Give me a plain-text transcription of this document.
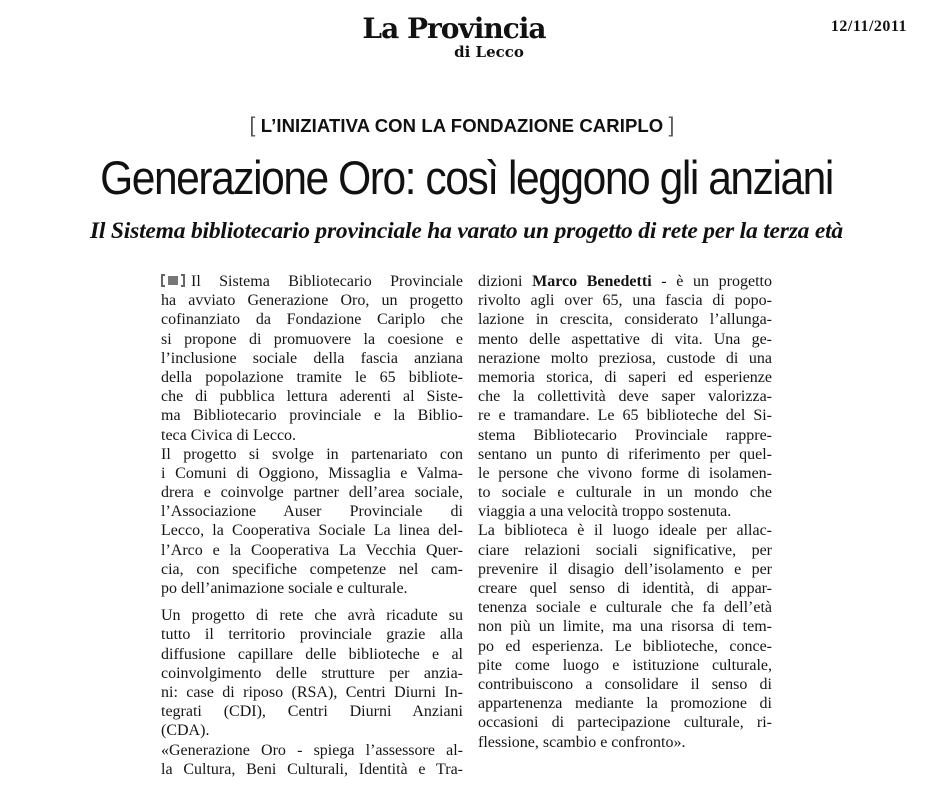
La Provincia
di Lecco
12/11/2011
[ L’INIZIATIVA CON LA FONDAZIONE CARIPLO ]
Generazione Oro: così leggono gli anziani
Il Sistema bibliotecario provinciale ha varato un progetto di rete per la terza età
Il Sistema Bibliotecario Provinciale
ha avviato Generazione Oro, un progetto
cofinanziato da Fondazione Cariplo che
si propone di promuovere la coesione e
l’inclusione sociale della fascia anziana
della popolazione tramite le 65 bibliote-
che di pubblica lettura aderenti al Siste-
ma Bibliotecario provinciale e la Biblio-
teca Civica di Lecco.
Il progetto si svolge in partenariato con
i Comuni di Oggiono, Missaglia e Valma-
drera e coinvolge partner dell’area sociale,
l’Associazione Auser Provinciale di
Lecco, la Cooperativa Sociale La linea del-
l’Arco e la Cooperativa La Vecchia Quer-
cia, con specifiche competenze nel cam-
po dell’animazione sociale e culturale.
Un progetto di rete che avrà ricadute su
tutto il territorio provinciale grazie alla
diffusione capillare delle biblioteche e al
coinvolgimento delle strutture per anzia-
ni: case di riposo (RSA), Centri Diurni In-
tegrati (CDI), Centri Diurni Anziani
(CDA).
«Generazione Oro - spiega l’assessore al-
la Cultura, Beni Culturali, Identità e Tra-
dizioni Marco Benedetti - è un progetto
rivolto agli over 65, una fascia di popo-
lazione in crescita, considerato l’allunga-
mento delle aspettative di vita. Una ge-
nerazione molto preziosa, custode di una
memoria storica, di saperi ed esperienze
che la collettività deve saper valorizza-
re e tramandare. Le 65 biblioteche del Si-
stema Bibliotecario Provinciale rappre-
sentano un punto di riferimento per quel-
le persone che vivono forme di isolamen-
to sociale e culturale in un mondo che
viaggia a una velocità troppo sostenuta.
La biblioteca è il luogo ideale per allac-
ciare relazioni sociali significative, per
prevenire il disagio dell’isolamento e per
creare quel senso di identità, di appar-
tenenza sociale e culturale che fa dell’età
non più un limite, ma una risorsa di tem-
po ed esperienza. Le biblioteche, conce-
pite come luogo e istituzione culturale,
contribuiscono a consolidare il senso di
appartenenza mediante la promozione di
occasioni di partecipazione culturale, ri-
flessione, scambio e confronto».
